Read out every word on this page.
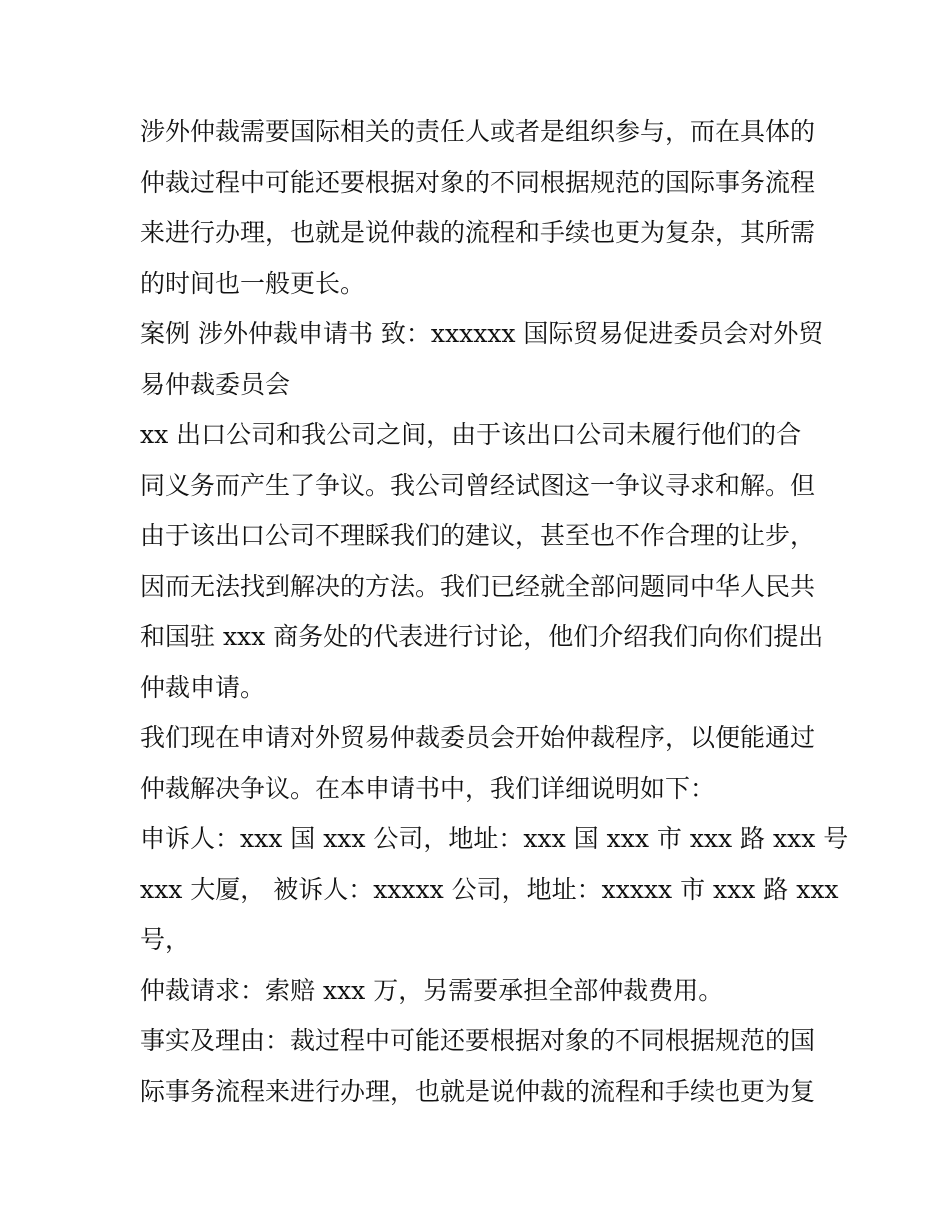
涉外仲裁需要国际相关的责任人或者是组织参与，而在具体的
仲裁过程中可能还要根据对象的不同根据规范的国际事务流程
来进行办理，也就是说仲裁的流程和手续也更为复杂，其所需
的时间也一般更长。
案例 涉外仲裁申请书 致：xxxxxx 国际贸易促进委员会对外贸
易仲裁委员会
xx 出口公司和我公司之间，由于该出口公司未履行他们的合
同义务而产生了争议。我公司曾经试图这一争议寻求和解。但
由于该出口公司不理睬我们的建议，甚至也不作合理的让步，
因而无法找到解决的方法。我们已经就全部问题同中华人民共
和国驻 xxx 商务处的代表进行讨论，他们介绍我们向你们提出
仲裁申请。
我们现在申请对外贸易仲裁委员会开始仲裁程序，以便能通过
仲裁解决争议。在本申请书中，我们详细说明如下：
申诉人：xxx 国 xxx 公司，地址：xxx 国 xxx 市 xxx 路 xxx 号
xxx 大厦， 被诉人：xxxxx 公司，地址：xxxxx 市 xxx 路 xxx
号，
仲裁请求：索赔 xxx 万，另需要承担全部仲裁费用。
事实及理由：裁过程中可能还要根据对象的不同根据规范的国
际事务流程来进行办理，也就是说仲裁的流程和手续也更为复
